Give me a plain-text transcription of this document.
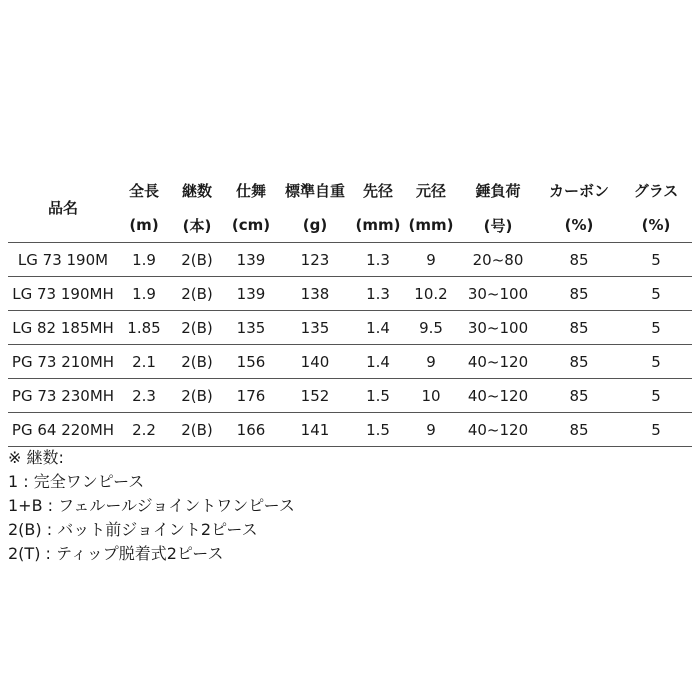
品名	全長	継数	仕舞	標準自重	先径	元径	錘負荷	カーボン	グラス
	(m)	(本)	(cm)	(g)	(mm)	(mm)	(号)	(%)	(%)
LG 73 190M	1.9	2(B)	139	123	1.3	9	20~80	85	5
LG 73 190MH	1.9	2(B)	139	138	1.3	10.2	30~100	85	5
LG 82 185MH	1.85	2(B)	135	135	1.4	9.5	30~100	85	5
PG 73 210MH	2.1	2(B)	156	140	1.4	9	40~120	85	5
PG 73 230MH	2.3	2(B)	176	152	1.5	10	40~120	85	5
PG 64 220MH	2.2	2(B)	166	141	1.5	9	40~120	85	5
※ 継数:
1 : 完全ワンピース
1+B : フェルールジョイントワンピース
2(B) : バット前ジョイント2ピース
2(T) : ティップ脱着式2ピース
